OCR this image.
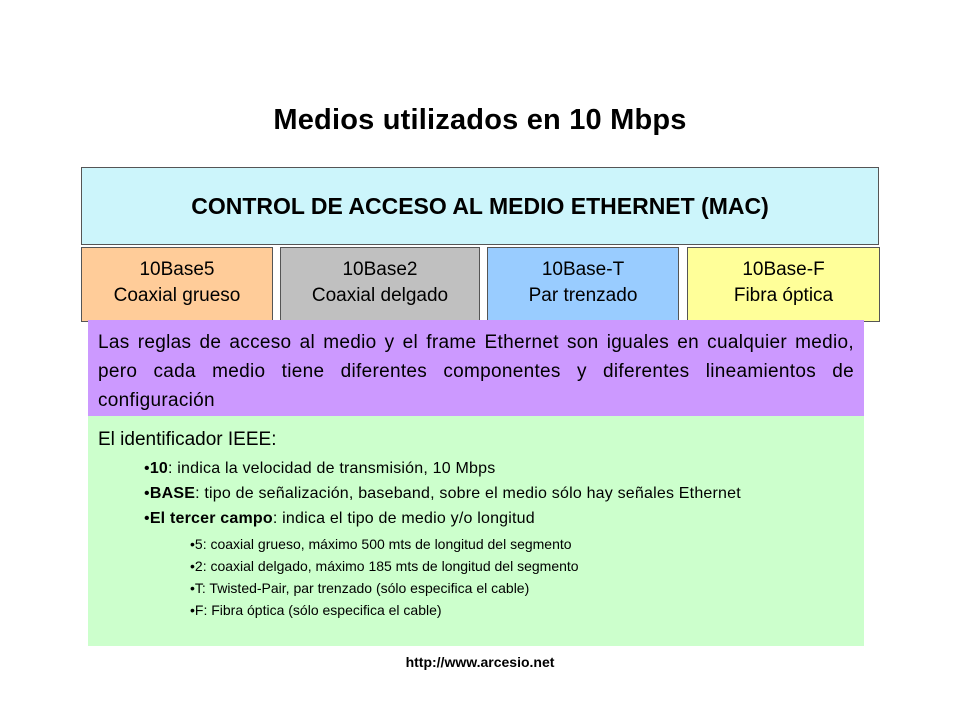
Medios utilizados en 10 Mbps
CONTROL DE ACCESO AL MEDIO ETHERNET (MAC)
10Base5
Coaxial grueso
10Base2
Coaxial delgado
10Base-T
Par trenzado
10Base-F
Fibra óptica
Las reglas de acceso al medio y el frame Ethernet son iguales en cualquier medio, pero cada medio tiene diferentes componentes y diferentes lineamientos de configuración
El identificador IEEE:
•10: indica la velocidad de transmisión, 10 Mbps
•BASE: tipo de señalización, baseband, sobre el medio sólo hay señales Ethernet
•El tercer campo: indica el tipo de medio y/o longitud
•5: coaxial grueso, máximo 500 mts de longitud del segmento
•2: coaxial delgado, máximo 185 mts de longitud del segmento
•T: Twisted-Pair, par trenzado (sólo especifica el cable)
•F: Fibra óptica (sólo especifica el cable)
http://www.arcesio.net
